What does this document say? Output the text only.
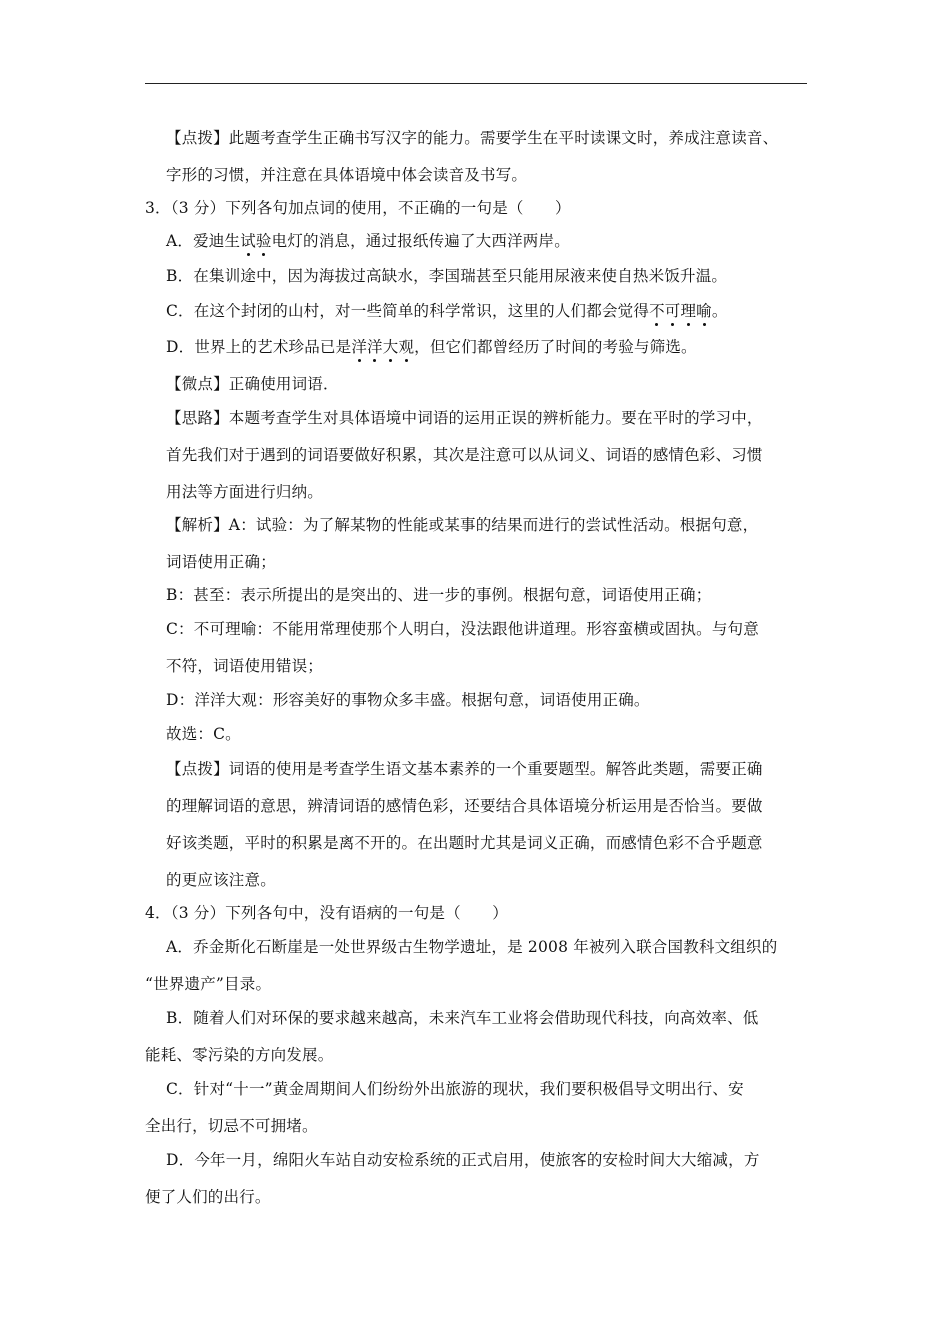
【点拨】此题考查学生正确书写汉字的能力。需要学生在平时读课文时，养成注意读音、
字形的习惯，并注意在具体语境中体会读音及书写。
3．（3 分）下列各句加点词的使用，不正确的一句是（　　）
A．爱迪生试验电灯的消息，通过报纸传遍了大西洋两岸。
B．在集训途中，因为海拔过高缺水，李国瑞甚至只能用尿液来使自热米饭升温。
C．在这个封闭的山村，对一些简单的科学常识，这里的人们都会觉得不可理喻。
D．世界上的艺术珍品已是洋洋大观，但它们都曾经历了时间的考验与筛选。
【微点】正确使用词语．
【思路】本题考查学生对具体语境中词语的运用正误的辨析能力。要在平时的学习中，
首先我们对于遇到的词语要做好积累，其次是注意可以从词义、词语的感情色彩、习惯
用法等方面进行归纳。
【解析】A：试验：为了解某物的性能或某事的结果而进行的尝试性活动。根据句意，
词语使用正确；
B：甚至：表示所提出的是突出的、进一步的事例。根据句意，词语使用正确；
C：不可理喻：不能用常理使那个人明白，没法跟他讲道理。形容蛮横或固执。与句意
不符，词语使用错误；
D：洋洋大观：形容美好的事物众多丰盛。根据句意，词语使用正确。
故选：C。
【点拨】词语的使用是考查学生语文基本素养的一个重要题型。解答此类题，需要正确
的理解词语的意思，辨清词语的感情色彩，还要结合具体语境分析运用是否恰当。要做
好该类题，平时的积累是离不开的。在出题时尤其是词义正确，而感情色彩不合乎题意
的更应该注意。
4．（3 分）下列各句中，没有语病的一句是（　　）
A．乔金斯化石断崖是一处世界级古生物学遗址，是 2008 年被列入联合国教科文组织的
“世界遗产”目录。
B．随着人们对环保的要求越来越高，未来汽车工业将会借助现代科技，向高效率、低
能耗、零污染的方向发展。
C．针对“十一”黄金周期间人们纷纷外出旅游的现状，我们要积极倡导文明出行、安
全出行，切忌不可拥堵。
D．今年一月，绵阳火车站自动安检系统的正式启用，使旅客的安检时间大大缩减，方
便了人们的出行。
